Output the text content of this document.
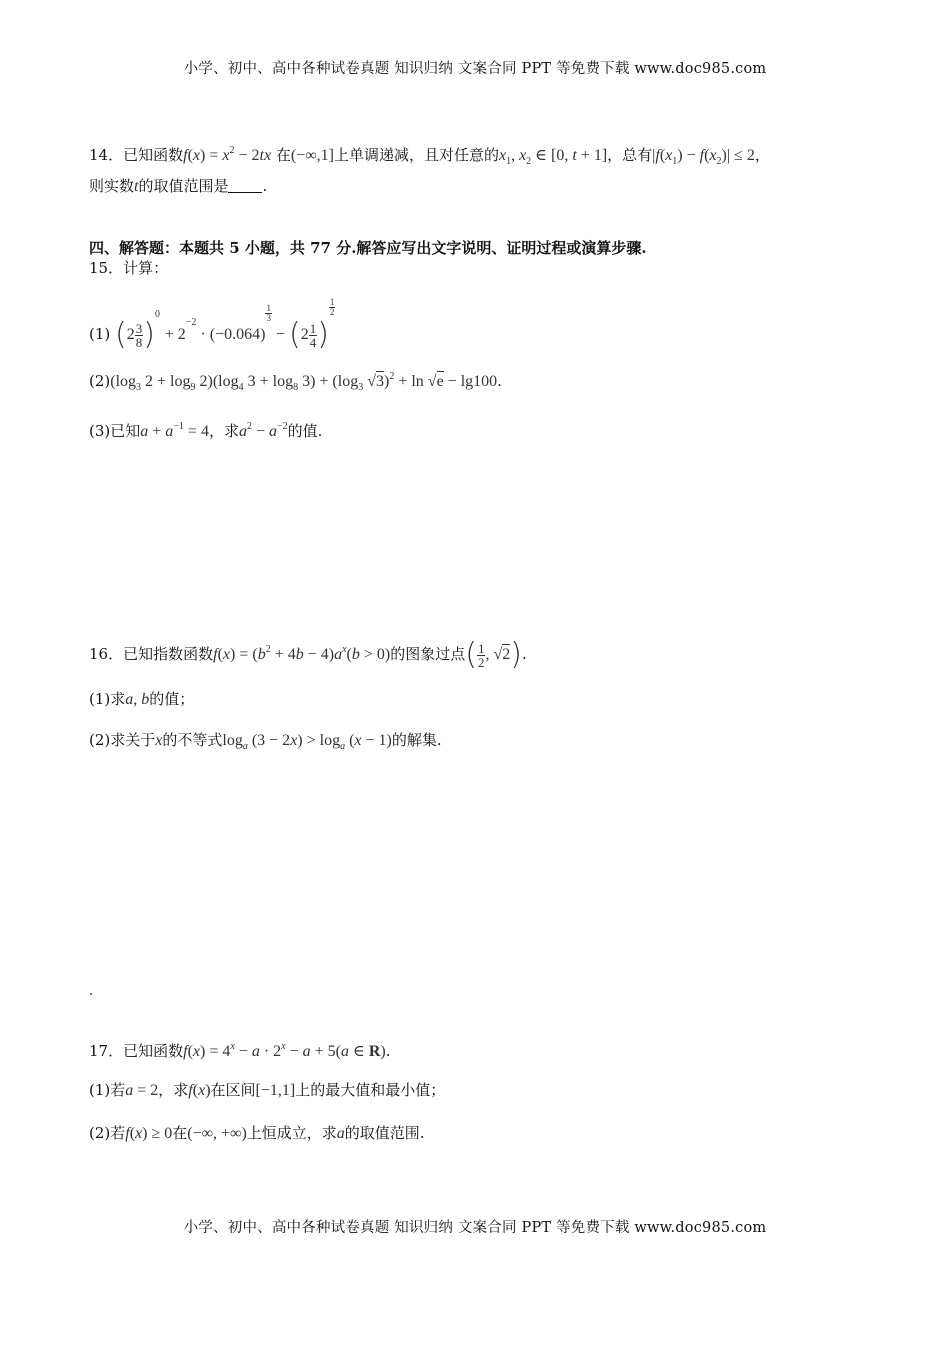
小学、初中、高中各种试卷真题 知识归纳 文案合同 PPT 等免费下载 www.doc985.com
14．已知函数$f(x) = x^2 - 2tx$ 在(−∞,1]上单调递减，且对任意的$x_1$, $x_2$ ∈ [0, t + 1]，总有$|f(x_1) - f(x_2)| \le 2$，
则实数t的取值范围是 .
四、解答题：本题共 5 小题，共 77 分.解答应写出文字说明、证明过程或演算步骤.
15．计算：
(1) $(2 \frac{3}{8} )^0 + 2^{-2} \cdot (-0.064)$
$\frac{1}{3}$
− ($2 \frac{1}{4}$ )
$\frac{1}{2}$
$(2)(\log_3$ $2 + \log_9 2)(\log_4$ $3 + \log_8 3) + (\log_3$ √3)$^2$ + ln √e − lg100.
(3)已知$a + a^{-1} = 4$，求$a^2 - a^{-2}$的值.
16．已知指数函数$f(x) = (b^2 + 4b - 4)a^x(b > 0)$的图象过点( $\frac{1}{2}$ , √2).
(1)求a, b的值；
(2)求关于x的不等式$\log_a (3 - 2x) > \log_a (x - 1)$的解集.
17．已知函数$f(x) = 4^x - a \cdot 2^x - a + 5(a$ ∈ R).
(1)若a = 2，求f(x)在区间[−1,1]上的最大值和最小值；
(2)若f(x) ≥ 0在(−∞, +∞)上恒成立，求a的取值范围.
小学、初中、高中各种试卷真题 知识归纳 文案合同 PPT 等免费下载 www.doc985.com
